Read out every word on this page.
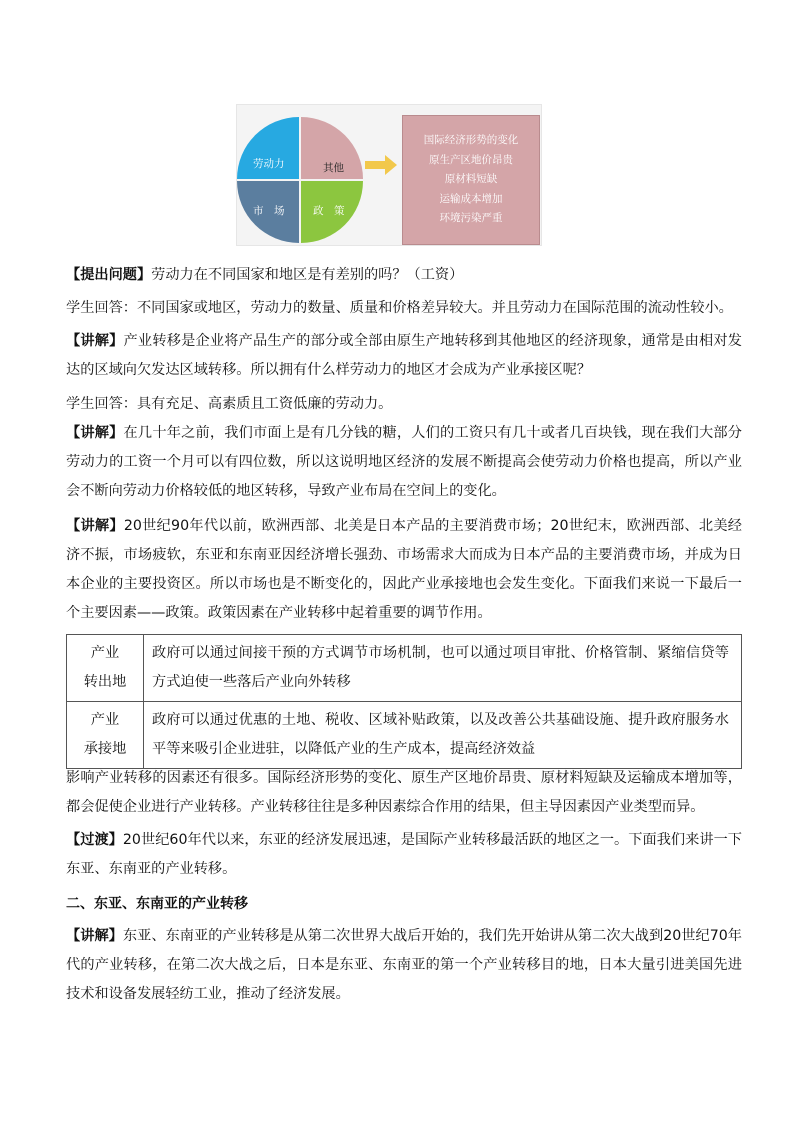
劳动力	其他
市　场	政　策
国际经济形势的变化
原生产区地价昂贵
原材料短缺
运输成本增加
环境污染严重

【提出问题】劳动力在不同国家和地区是有差别的吗？（工资）

学生回答：不同国家或地区，劳动力的数量、质量和价格差异较大。并且劳动力在国际范围的流动性较小。

【讲解】产业转移是企业将产品生产的部分或全部由原生产地转移到其他地区的经济现象，通常是由相对发达的区域向欠发达区域转移。所以拥有什么样劳动力的地区才会成为产业承接区呢？

学生回答：具有充足、高素质且工资低廉的劳动力。

【讲解】在几十年之前，我们市面上是有几分钱的糖，人们的工资只有几十或者几百块钱，现在我们大部分劳动力的工资一个月可以有四位数，所以这说明地区经济的发展不断提高会使劳动力价格也提高，所以产业会不断向劳动力价格较低的地区转移，导致产业布局在空间上的变化。

【讲解】20世纪90年代以前，欧洲西部、北美是日本产品的主要消费市场；20世纪末，欧洲西部、北美经济不振，市场疲软，东亚和东南亚因经济增长强劲、市场需求大而成为日本产品的主要消费市场，并成为日本企业的主要投资区。所以市场也是不断变化的，因此产业承接地也会发生变化。下面我们来说一下最后一个主要因素——政策。政策因素在产业转移中起着重要的调节作用。

产业
转出地	政府可以通过间接干预的方式调节市场机制，也可以通过项目审批、价格管制、紧缩信贷等方式迫使一些落后产业向外转移

产业
承接地	政府可以通过优惠的土地、税收、区域补贴政策，以及改善公共基础设施、提升政府服务水平等来吸引企业进驻，以降低产业的生产成本，提高经济效益

影响产业转移的因素还有很多。国际经济形势的变化、原生产区地价昂贵、原材料短缺及运输成本增加等，都会促使企业进行产业转移。产业转移往往是多种因素综合作用的结果，但主导因素因产业类型而异。

【过渡】20世纪60年代以来，东亚的经济发展迅速，是国际产业转移最活跃的地区之一。下面我们来讲一下东亚、东南亚的产业转移。

二、东亚、东南亚的产业转移

【讲解】东亚、东南亚的产业转移是从第二次世界大战后开始的，我们先开始讲从第二次大战到20世纪70年代的产业转移，在第二次大战之后，日本是东亚、东南亚的第一个产业转移目的地，日本大量引进美国先进技术和设备发展轻纺工业，推动了经济发展。
